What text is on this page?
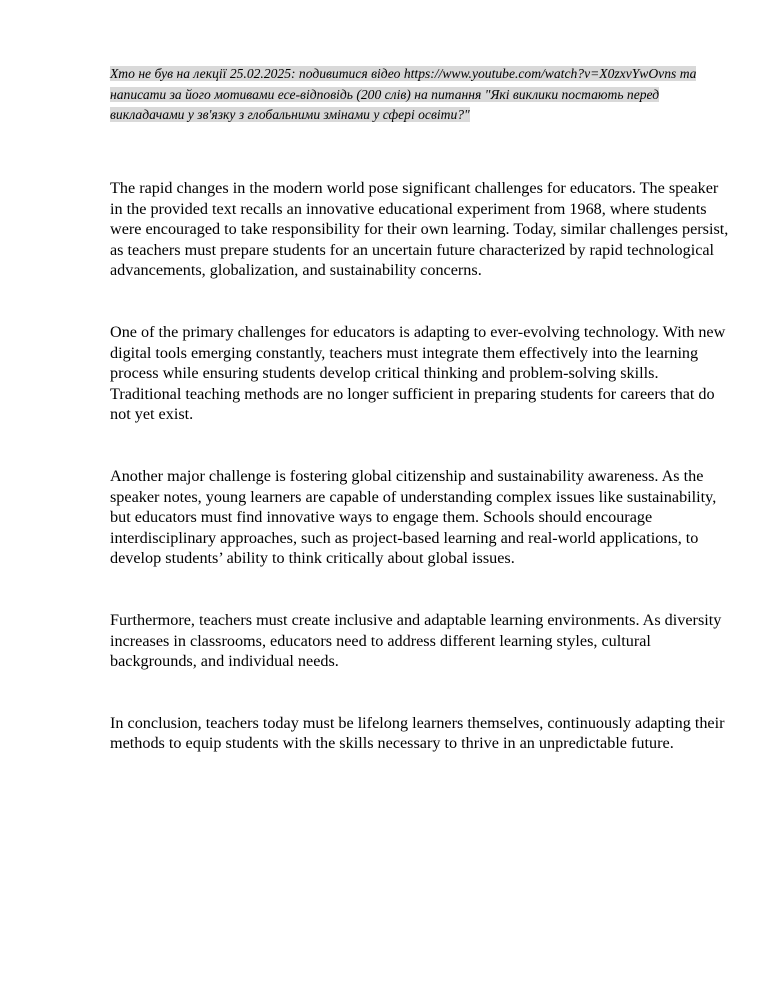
Хто не був на лекції 25.02.2025: подивитися відео https://www.youtube.com/watch?v=X0zxvYwOvns та написати за його мотивами есе-відповідь (200 слів) на питання "Які виклики постають перед викладачами у зв'язку з глобальними змінами у сфері освіти?"

The rapid changes in the modern world pose significant challenges for educators. The speaker in the provided text recalls an innovative educational experiment from 1968, where students were encouraged to take responsibility for their own learning. Today, similar challenges persist, as teachers must prepare students for an uncertain future characterized by rapid technological advancements, globalization, and sustainability concerns.

One of the primary challenges for educators is adapting to ever-evolving technology. With new digital tools emerging constantly, teachers must integrate them effectively into the learning process while ensuring students develop critical thinking and problem-solving skills. Traditional teaching methods are no longer sufficient in preparing students for careers that do not yet exist.

Another major challenge is fostering global citizenship and sustainability awareness. As the speaker notes, young learners are capable of understanding complex issues like sustainability, but educators must find innovative ways to engage them. Schools should encourage interdisciplinary approaches, such as project-based learning and real-world applications, to develop students’ ability to think critically about global issues.

Furthermore, teachers must create inclusive and adaptable learning environments. As diversity increases in classrooms, educators need to address different learning styles, cultural backgrounds, and individual needs.

In conclusion, teachers today must be lifelong learners themselves, continuously adapting their methods to equip students with the skills necessary to thrive in an unpredictable future.
